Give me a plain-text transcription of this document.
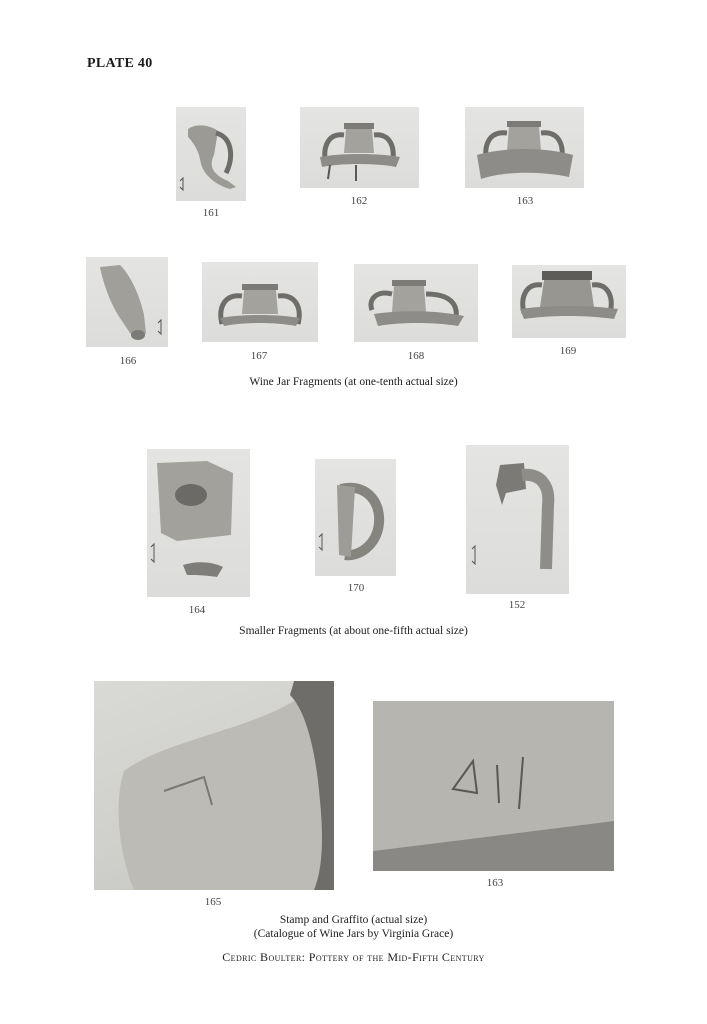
PLATE 40
161
162	163
166	167	168	169
Wine Jar Fragments (at one-tenth actual size)
164
170
152
Smaller Fragments (at about one-fifth actual size)
165
163
Stamp and Graffito (actual size)
(Catalogue of Wine Jars by Virginia Grace)
Cedric Boulter: Pottery of the Mid-Fifth Century
